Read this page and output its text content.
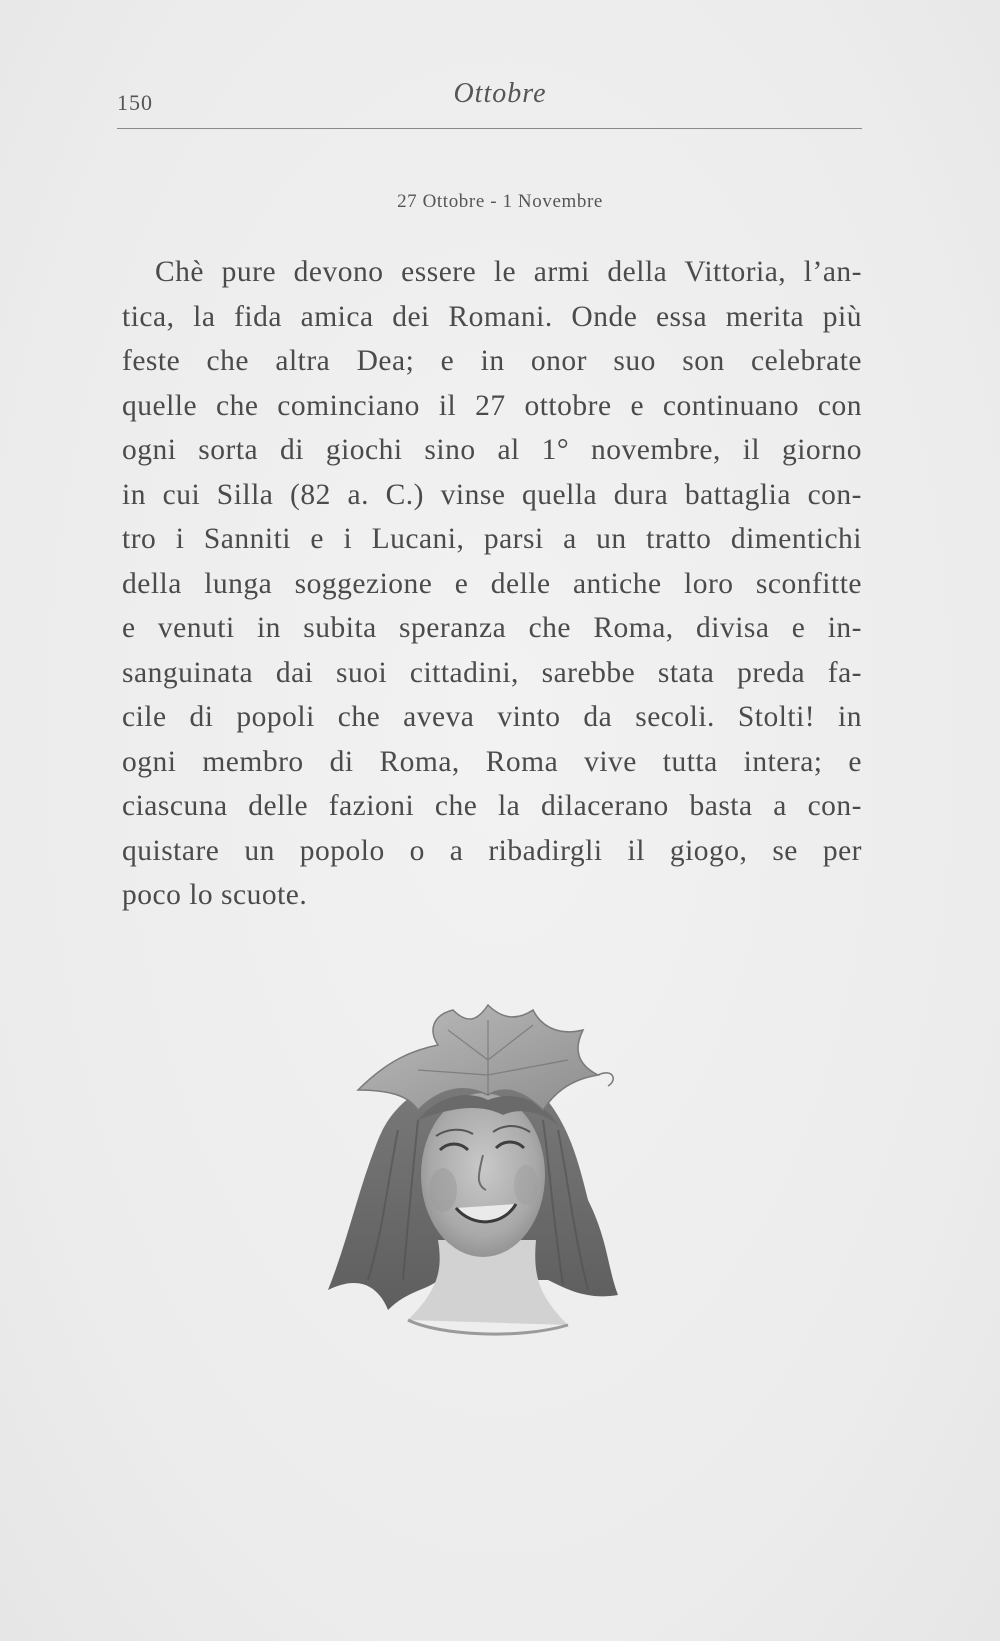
150	Ottobre
27 Ottobre - 1 Novembre
Chè pure devono essere le armi della Vittoria, l’an-
tica, la fida amica dei Romani. Onde essa merita più
feste che altra Dea; e in onor suo son celebrate
quelle che cominciano il 27 ottobre e continuano con
ogni sorta di giochi sino al 1° novembre, il giorno
in cui Silla (82 a. C.) vinse quella dura battaglia con-
tro i Sanniti e i Lucani, parsi a un tratto dimentichi
della lunga soggezione e delle antiche loro sconfitte
e venuti in subita speranza che Roma, divisa e in-
sanguinata dai suoi cittadini, sarebbe stata preda fa-
cile di popoli che aveva vinto da secoli. Stolti! in
ogni membro di Roma, Roma vive tutta intera; e
ciascuna delle fazioni che la dilacerano basta a con-
quistare un popolo o a ribadirgli il giogo, se per
poco lo scuote.
